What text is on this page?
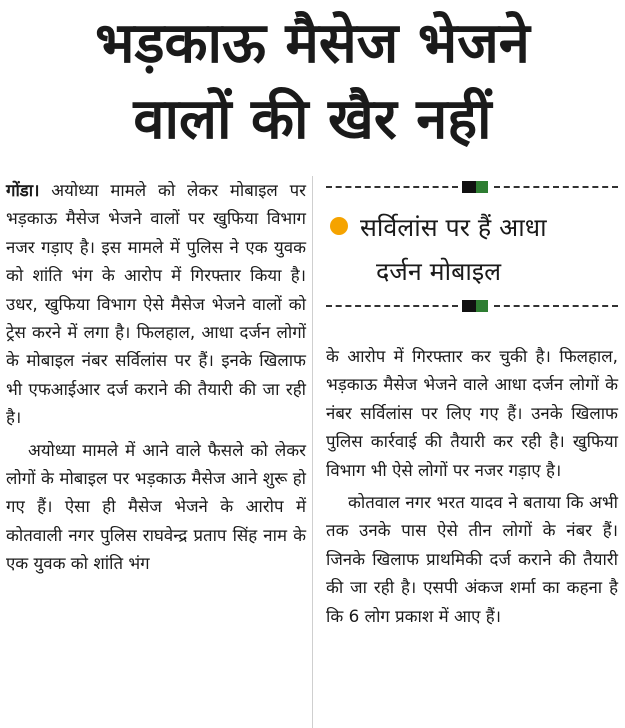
भड़काऊ मैसेज भेजने
वालों की खैर नहीं

गोंडा। अयोध्या मामले को लेकर मोबाइल पर भड़काऊ मैसेज भेजने वालों पर खुफिया विभाग नजर गड़ाए है। इस मामले में पुलिस ने एक युवक को शांति भंग के आरोप में गिरफ्तार किया है। उधर, खुफिया विभाग ऐसे मैसेज भेजने वालों को ट्रेस करने में लगा है। फिलहाल, आधा दर्जन लोगों के मोबाइल नंबर सर्विलांस पर हैं। इनके खिलाफ भी एफआईआर दर्ज कराने की तैयारी की जा रही है।

अयोध्या मामले में आने वाले फैसले को लेकर लोगों के मोबाइल पर भड़काऊ मैसेज आने शुरू हो गए हैं। ऐसा ही मैसेज भेजने के आरोप में कोतवाली नगर पुलिस राघवेन्द्र प्रताप सिंह नाम के एक युवक को शांति भंग

सर्विलांस पर हैं आधा
दर्जन मोबाइल

के आरोप में गिरफ्तार कर चुकी है। फिलहाल, भड़काऊ मैसेज भेजने वाले आधा दर्जन लोगों के नंबर सर्विलांस पर लिए गए हैं। उनके खिलाफ पुलिस कार्रवाई की तैयारी कर रही है। खुफिया विभाग भी ऐसे लोगों पर नजर गड़ाए है।

कोतवाल नगर भरत यादव ने बताया कि अभी तक उनके पास ऐसे तीन लोगों के नंबर हैं। जिनके खिलाफ प्राथमिकी दर्ज कराने की तैयारी की जा रही है। एसपी अंकज शर्मा का कहना है कि 6 लोग प्रकाश में आए हैं।
